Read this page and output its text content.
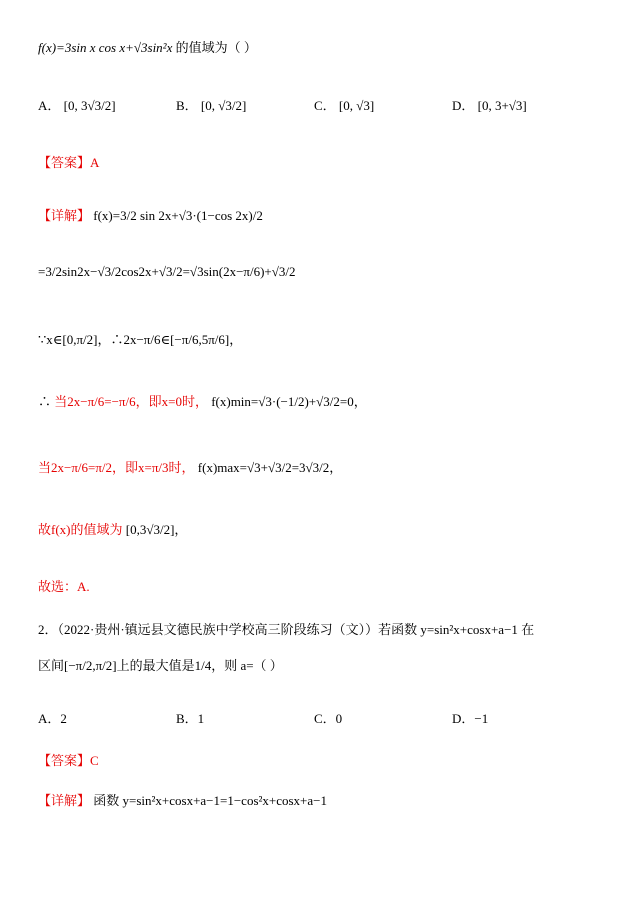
f(x)=3sin x cos x+√3sin²x 的值域为（ ）
A． [0, 3√3/2]	B． [0, √3/2]	C． [0, √3]	D． [0, 3+√3]
【答案】A
【详解】 f(x)=3/2 sin 2x+√3·(1−cos 2x)/2
=3/2sin2x−√3/2cos2x+√3/2=√3sin(2x−π/6)+√3/2
∵x∈[0,π/2]，∴2x−π/6∈[−π/6,5π/6]，
∴ 当2x−π/6=−π/6，即x=0时， f(x)min=√3·(−1/2)+√3/2=0，
当2x−π/6=π/2，即x=π/3时， f(x)max=√3+√3/2=3√3/2，
故f(x)的值域为 [0,3√3/2]，
故选：A.
2．（2022·贵州·镇远县文德民族中学校高三阶段练习（文））若函数 y=sin²x+cosx+a−1 在
区间[−π/2,π/2]上的最大值是1/4，则 a=（ ）
A．2	B．1	C．0	D．−1
【答案】C
【详解】 函数 y=sin²x+cosx+a−1=1−cos²x+cosx+a−1
